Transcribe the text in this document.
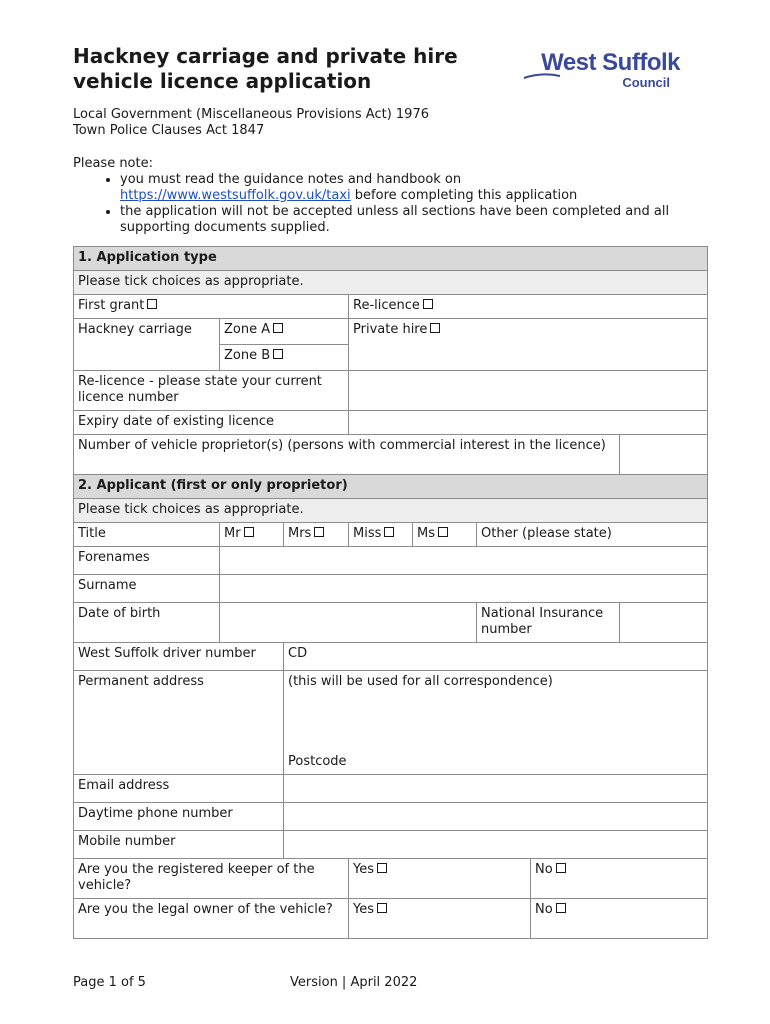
Hackney carriage and private hire vehicle licence application
West Suffolk
Council
Local Government (Miscellaneous Provisions Act) 1976
Town Police Clauses Act 1847
Please note:
• you must read the guidance notes and handbook on
https://www.westsuffolk.gov.uk/taxi before completing this application
• the application will not be accepted unless all sections have been completed and all supporting documents supplied.
1. Application type							
Please tick choices as appropriate.							
First grant			Re-licence				
Hackney carriage	Zone A		Private hire				
	Zone B						
Re-licence - please state your current licence number							
Expiry date of existing licence							
Number of vehicle proprietor(s) (persons with commercial interest in the licence)							
2. Applicant (first or only proprietor)							
Please tick choices as appropriate.							
Title	Mr	Mrs	Miss	Ms	Other (please state)		
Forenames							
Surname							
Date of birth					National Insurance number		
West Suffolk driver number		CD					
Permanent address		(this will be used for all correspondence)
Postcode					

Email address							
Daytime phone number							
Mobile number							
Are you the registered keeper of the vehicle?			Yes			No	
Are you the legal owner of the vehicle?			Yes			No	
Page 1 of 5	Version | April 2022
